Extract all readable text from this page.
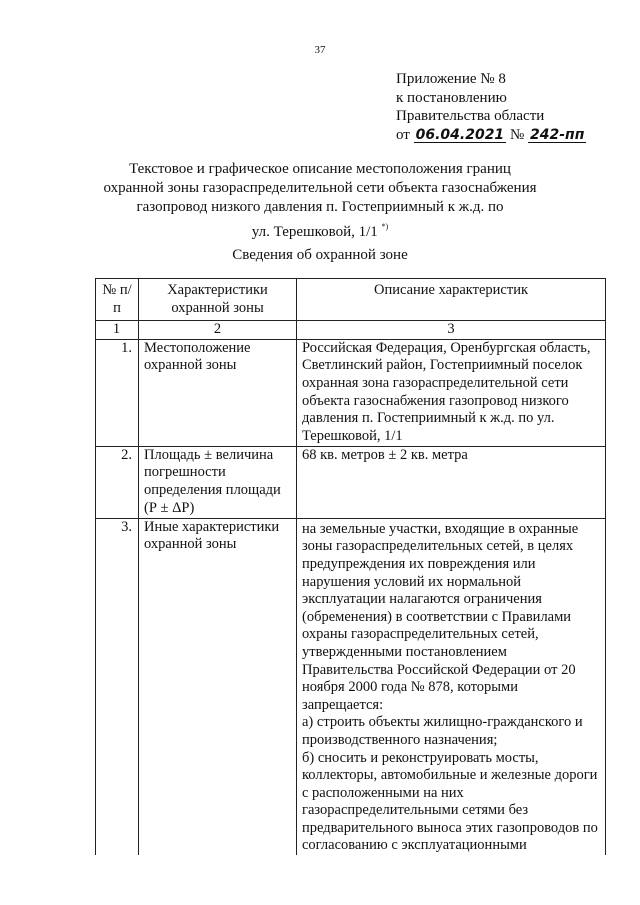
37
Приложение № 8
к постановлению
Правительства области
от 06.04.2021 № 242-пп
Текстовое и графическое описание местоположения границ
охранной зоны газораспределительной сети объекта газоснабжения
газопровод низкого давления п. Гостеприимный к ж.д. по
ул. Терешковой, 1/1 *)
Сведения об охранной зоне
№ п/п	Характеристики охранной зоны	Описание характеристик
1	2	3
1.	Местоположение охранной зоны	Российская Федерация, Оренбургская область, Светлинский район, Гостеприимный поселок охранная зона газораспределительной сети объекта газоснабжения газопровод низкого давления п. Гостеприимный к ж.д. по ул. Терешковой, 1/1
2.	Площадь ± величина погрешности определения площади (Р ± ΔР)	68 кв. метров ± 2 кв. метра
3.	Иные характеристики охранной зоны	на земельные участки, входящие в охранные зоны газораспределительных сетей, в целях предупреждения их повреждения или нарушения условий их нормальной эксплуатации налагаются ограничения (обременения) в соответствии с Правилами охраны газораспределительных сетей, утвержденными постановлением Правительства Российской Федерации от 20 ноября 2000 года № 878, которыми запрещается:
а) строить объекты жилищно-гражданского и производственного назначения;
б) сносить и реконструировать мосты, коллекторы, автомобильные и железные дороги с расположенными на них газораспределительными сетями без предварительного выноса этих газопроводов по согласованию с эксплуатационными
